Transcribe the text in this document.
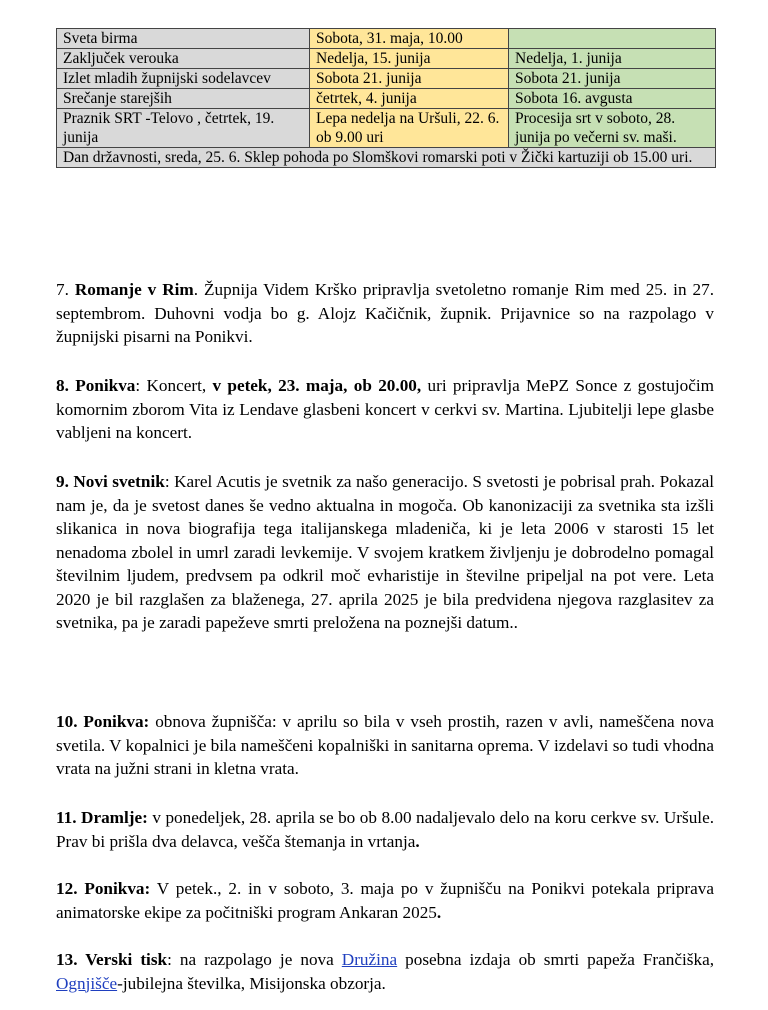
Sveta birma	Sobota, 31. maja, 10.00	
Zaključek verouka	Nedelja, 15. junija	Nedelja, 1. junija
Izlet mladih župnijski sodelavcev	Sobota 21. junija	Sobota 21. junija
Srečanje starejših	četrtek, 4. junija	Sobota 16. avgusta
Praznik SRT -Telovo , četrtek, 19. junija	Lepa nedelja na Uršuli, 22. 6. ob 9.00 uri	Procesija srt v soboto, 28. junija po večerni sv. maši.
Dan državnosti, sreda, 25. 6. Sklep pohoda po Slomškovi romarski poti v Žički kartuziji ob 15.00 uri.		

7. Romanje v Rim. Župnija Videm Krško pripravlja svetoletno romanje Rim med 25. in 27. septembrom. Duhovni vodja bo g. Alojz Kačičnik, župnik. Prijavnice so na razpolago v župnijski pisarni na Ponikvi.

8. Ponikva: Koncert, v petek, 23. maja, ob 20.00, uri pripravlja MePZ Sonce z gostujočim komornim zborom Vita iz Lendave glasbeni koncert v cerkvi sv. Martina. Ljubitelji lepe glasbe vabljeni na koncert.

9. Novi svetnik: Karel Acutis je svetnik za našo generacijo. S svetosti je pobrisal prah. Pokazal nam je, da je svetost danes še vedno aktualna in mogoča. Ob kanonizaciji za svetnika sta izšli slikanica in nova biografija tega italijanskega mladeniča, ki je leta 2006 v starosti 15 let nenadoma zbolel in umrl zaradi levkemije. V svojem kratkem življenju je dobrodelno pomagal številnim ljudem, predvsem pa odkril moč evharistije in številne pripeljal na pot vere. Leta 2020 je bil razglašen za blaženega, 27. aprila 2025 je bila predvidena njegova razglasitev za svetnika, pa je zaradi papeževe smrti preložena na poznejši datum..

10. Ponikva: obnova župnišča: v aprilu so bila v vseh prostih, razen v avli, nameščena nova svetila. V kopalnici je bila nameščeni kopalniški in sanitarna oprema. V izdelavi so tudi vhodna vrata na južni strani in kletna vrata.

11. Dramlje: v ponedeljek, 28. aprila se bo ob 8.00 nadaljevalo delo na koru cerkve sv. Uršule. Prav bi prišla dva delavca, vešča štemanja in vrtanja.

12. Ponikva: V petek., 2. in v soboto, 3. maja po v župnišču na Ponikvi potekala priprava animatorske ekipe za počitniški program Ankaran 2025.

13. Verski tisk: na razpolago je nova Družina posebna izdaja ob smrti papeža Frančiška, Ognjišče-jubilejna številka, Misijonska obzorja.
